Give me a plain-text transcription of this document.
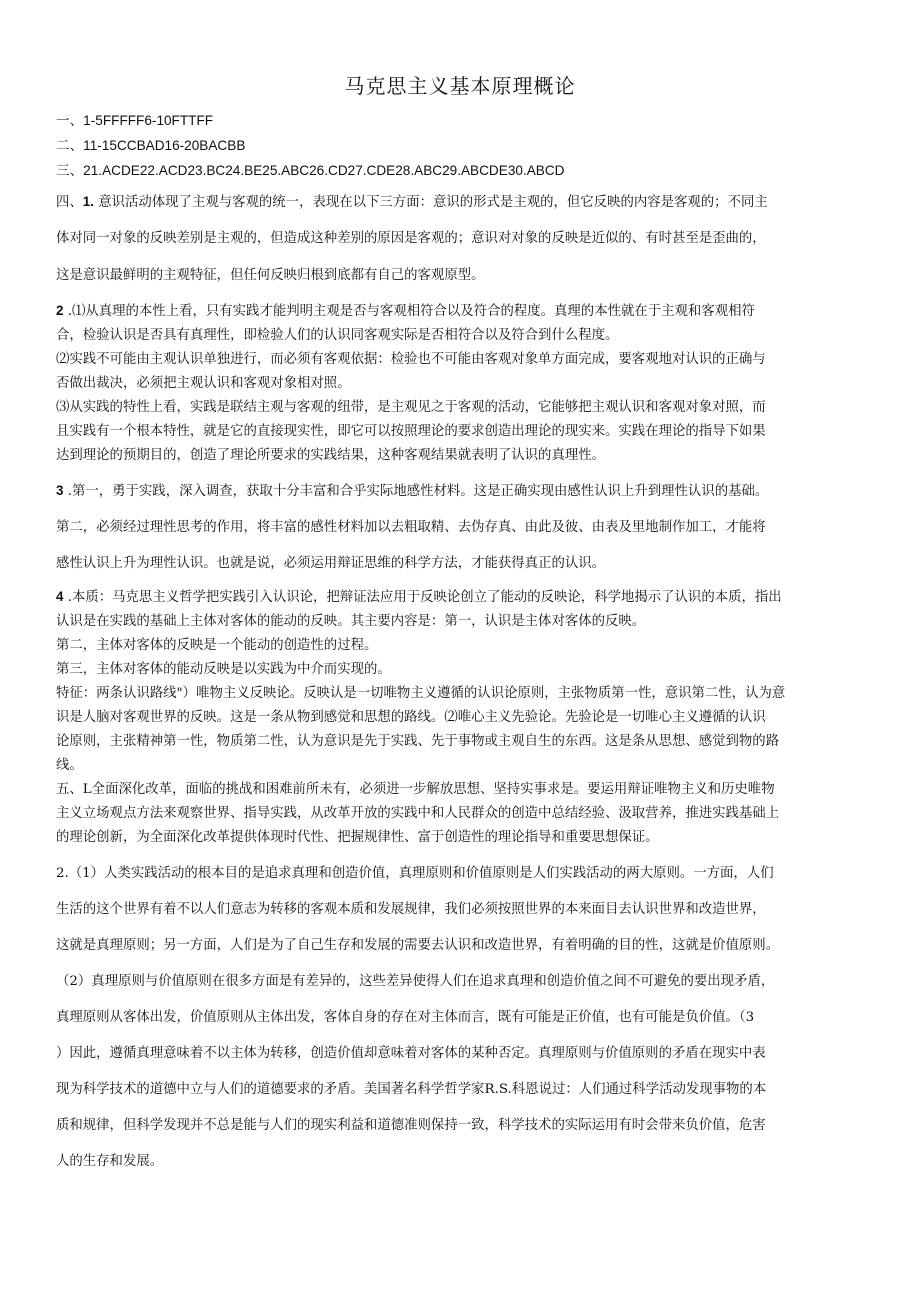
马克思主义基本原理概论
一、1-5FFFFF6-10FTTFF
二、11-15CCBAD16-20BACBB
三、21.ACDE22.ACD23.BC24.BE25.ABC26.CD27.CDE28.ABC29.ABCDE30.ABCD
四、1. 意识活动体现了主观与客观的统一，表现在以下三方面：意识的形式是主观的，但它反映的内容是客观的；不同主
体对同一对象的反映差别是主观的，但造成这种差别的原因是客观的；意识对对象的反映是近似的、有时甚至是歪曲的，
这是意识最鲜明的主观特征，但任何反映归根到底都有自己的客观原型。
2 .⑴从真理的本性上看，只有实践才能判明主观是否与客观相符合以及符合的程度。真理的本性就在于主观和客观相符
合，检验认识是否具有真理性，即检验人们的认识同客观实际是否相符合以及符合到什么程度。
⑵实践不可能由主观认识单独进行，而必须有客观依据：检验也不可能由客观对象单方面完成，要客观地对认识的正确与
否做出裁决，必须把主观认识和客观对象相对照。
⑶从实践的特性上看，实践是联结主观与客观的纽带，是主观见之于客观的活动，它能够把主观认识和客观对象对照，而
且实践有一个根本特性，就是它的直接现实性，即它可以按照理论的要求创造出理论的现实来。实践在理论的指导下如果
达到理论的预期目的，创造了理论所要求的实践结果，这种客观结果就表明了认识的真理性。
3 .第一，勇于实践，深入调查，获取十分丰富和合乎实际地感性材料。这是正确实现由感性认识上升到理性认识的基础。
第二，必须经过理性思考的作用，将丰富的感性材料加以去粗取精、去伪存真、由此及彼、由表及里地制作加工，才能将
感性认识上升为理性认识。也就是说，必须运用辩证思维的科学方法，才能获得真正的认识。
4 .本质：马克思主义哲学把实践引入认识论，把辩证法应用于反映论创立了能动的反映论，科学地揭示了认识的本质，指出
认识是在实践的基础上主体对客体的能动的反映。其主要内容是：第一，认识是主体对客体的反映。
第二，主体对客体的反映是一个能动的创造性的过程。
第三，主体对客体的能动反映是以实践为中介而实现的。
特征：两条认识路线"）唯物主义反映论。反映认是一切唯物主义遵循的认识论原则，主张物质第一性，意识第二性，认为意
识是人脑对客观世界的反映。这是一条从物到感觉和思想的路线。⑵唯心主义先验论。先验论是一切唯心主义遵循的认识
论原则，主张精神第一性，物质第二性，认为意识是先于实践、先于事物或主观自生的东西。这是条从思想、感觉到物的路
线。
五、L全面深化改革，面临的挑战和困难前所未有，必须进一步解放思想、坚持实事求是。要运用辩证唯物主义和历史唯物
主义立场观点方法来观察世界、指导实践，从改革开放的实践中和人民群众的创造中总结经验、汲取营养，推进实践基础上
的理论创新，为全面深化改革提供体现时代性、把握规律性、富于创造性的理论指导和重要思想保证。
2.（1）人类实践活动的根本目的是追求真理和创造价值，真理原则和价值原则是人们实践活动的两大原则。一方面，人们
生活的这个世界有着不以人们意志为转移的客观本质和发展规律，我们必须按照世界的本来面目去认识世界和改造世界，
这就是真理原则；另一方面，人们是为了自己生存和发展的需要去认识和改造世界，有着明确的目的性，这就是价值原则。
（2）真理原则与价值原则在很多方面是有差异的，这些差异使得人们在追求真理和创造价值之间不可避免的要出现矛盾，
真理原则从客体出发，价值原则从主体出发，客体自身的存在对主体而言，既有可能是正价值，也有可能是负价值。（3
）因此，遵循真理意味着不以主体为转移，创造价值却意味着对客体的某种否定。真理原则与价值原则的矛盾在现实中表
现为科学技术的道德中立与人们的道德要求的矛盾。美国著名科学哲学家R.S.科恩说过：人们通过科学活动发现事物的本
质和规律，但科学发现并不总是能与人们的现实利益和道德准则保持一致，科学技术的实际运用有时会带来负价值，危害
人的生存和发展。
